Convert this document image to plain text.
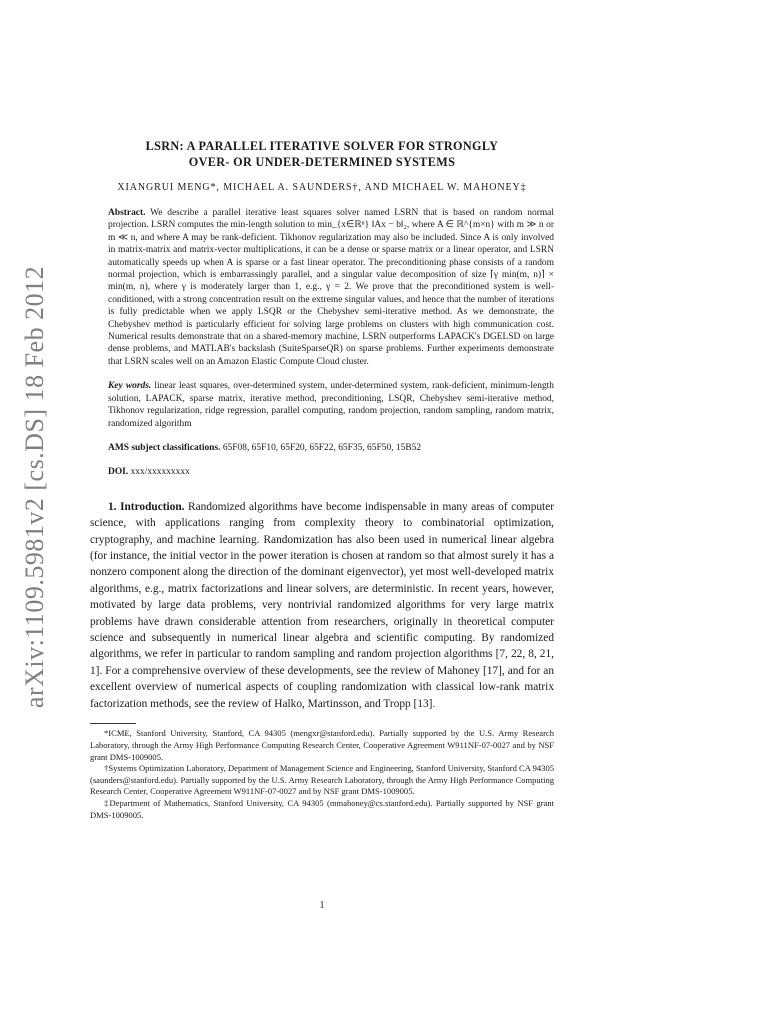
arXiv:1109.5981v2 [cs.DS] 18 Feb 2012
LSRN: A PARALLEL ITERATIVE SOLVER FOR STRONGLY
OVER- OR UNDER-DETERMINED SYSTEMS
XIANGRUI MENG*, MICHAEL A. SAUNDERS†, AND MICHAEL W. MAHONEY‡

Abstract. We describe a parallel iterative least squares solver named LSRN that is based on random normal projection. LSRN computes the min-length solution to min_{x∈ℝⁿ} ‖Ax − b‖₂, where A ∈ ℝ^{m×n} with m ≫ n or m ≪ n, and where A may be rank-deficient. Tikhonov regularization may also be included. Since A is only involved in matrix-matrix and matrix-vector multiplications, it can be a dense or sparse matrix or a linear operator, and LSRN automatically speeds up when A is sparse or a fast linear operator. The preconditioning phase consists of a random normal projection, which is embarrassingly parallel, and a singular value decomposition of size ⌈γ min(m, n)⌉ × min(m, n), where γ is moderately larger than 1, e.g., γ = 2. We prove that the preconditioned system is well-conditioned, with a strong concentration result on the extreme singular values, and hence that the number of iterations is fully predictable when we apply LSQR or the Chebyshev semi-iterative method. As we demonstrate, the Chebyshev method is particularly efficient for solving large problems on clusters with high communication cost. Numerical results demonstrate that on a shared-memory machine, LSRN outperforms LAPACK's DGELSD on large dense problems, and MATLAB's backslash (SuiteSparseQR) on sparse problems. Further experiments demonstrate that LSRN scales well on an Amazon Elastic Compute Cloud cluster.

Key words. linear least squares, over-determined system, under-determined system, rank-deficient, minimum-length solution, LAPACK, sparse matrix, iterative method, preconditioning, LSQR, Chebyshev semi-iterative method, Tikhonov regularization, ridge regression, parallel computing, random projection, random sampling, random matrix, randomized algorithm

AMS subject classifications. 65F08, 65F10, 65F20, 65F22, 65F35, 65F50, 15B52

DOI. xxx/xxxxxxxxx

1. Introduction. Randomized algorithms have become indispensable in many areas of computer science, with applications ranging from complexity theory to combinatorial optimization, cryptography, and machine learning. Randomization has also been used in numerical linear algebra (for instance, the initial vector in the power iteration is chosen at random so that almost surely it has a nonzero component along the direction of the dominant eigenvector), yet most well-developed matrix algorithms, e.g., matrix factorizations and linear solvers, are deterministic. In recent years, however, motivated by large data problems, very nontrivial randomized algorithms for very large matrix problems have drawn considerable attention from researchers, originally in theoretical computer science and subsequently in numerical linear algebra and scientific computing. By randomized algorithms, we refer in particular to random sampling and random projection algorithms [7, 22, 8, 21, 1]. For a comprehensive overview of these developments, see the review of Mahoney [17], and for an excellent overview of numerical aspects of coupling randomization with classical low-rank matrix factorization methods, see the review of Halko, Martinsson, and Tropp [13].

*ICME, Stanford University, Stanford, CA 94305 (mengxr@stanford.edu). Partially supported by the U.S. Army Research Laboratory, through the Army High Performance Computing Research Center, Cooperative Agreement W911NF-07-0027 and by NSF grant DMS-1009005.

†Systems Optimization Laboratory, Department of Management Science and Engineering, Stanford University, Stanford CA 94305 (saunders@stanford.edu). Partially supported by the U.S. Army Research Laboratory, through the Army High Performance Computing Research Center, Cooperative Agreement W911NF-07-0027 and by NSF grant DMS-1009005.

‡Department of Mathematics, Stanford University, CA 94305 (mmahoney@cs.stanford.edu). Partially supported by NSF grant DMS-1009005.

1
